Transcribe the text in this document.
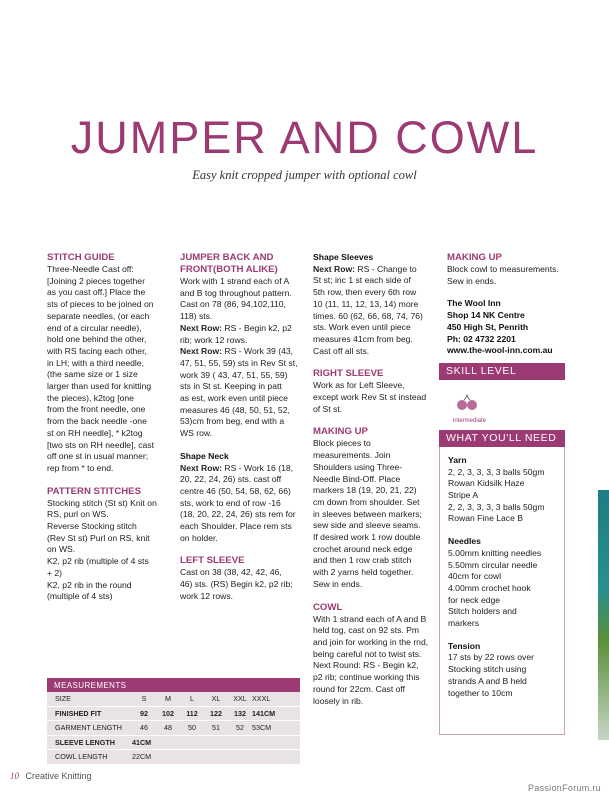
JUMPER AND COWL
Easy knit cropped jumper with optional cowl
STITCH GUIDE
Three-Needle Cast off:
[Joining 2 pieces together
as you cast off.] Place the
sts of pieces to be joined on
separate needles, (or each
end of a circular needle),
hold one behind the other,
with RS facing each other,
in LH; with a third needle,
(the same size or 1 size
larger than used for knitting
the pieces), k2tog [one
from the front needle, one
from the back needle -one
st on RH needle], * k2tog
[two sts on RH needle], cast
off one st in usual manner;
rep from * to end.
PATTERN STITCHES
Stocking stitch (St st) Knit on
RS, purl on WS.
Reverse Stocking stitch
(Rev St st) Purl on RS, knit
on WS.
K2, p2 rib (multiple of 4 sts
+ 2)
K2, p2 rib in the round
(multiple of 4 sts)
JUMPER BACK AND
FRONT(BOTH ALIKE)
Work with 1 strand each of A
and B tog throughout pattern.
Cast on 78 (86, 94,102,110,
118) sts.
Next Row: RS - Begin k2, p2
rib; work 12 rows.
Next Row: RS - Work 39 (43,
47, 51, 55, 59) sts in Rev St st,
work 39 ( 43, 47, 51, 55, 59)
sts in St st. Keeping in patt
as est, work even until piece
measures 46 (48, 50, 51, 52,
53)cm from beg, end with a
WS row.
Shape Neck
Next Row: RS - Work 16 (18,
20, 22, 24, 26) sts. cast off
centre 46 (50, 54, 58, 62, 66)
sts, work to end of row -16
(18, 20, 22, 24, 26) sts rem for
each Shoulder. Place rem sts
on holder.
LEFT SLEEVE
Cast on 38 (38, 42, 42, 46,
46) sts. (RS) Begin k2, p2 rib;
work 12 rows.
Shape Sleeves
Next Row: RS - Change to
St st; inc 1 st each side of
5th row, then every 6th row
10 (11, 11, 12, 13, 14) more
times. 60 (62, 66, 68, 74, 76)
sts. Work even until piece
measures 41cm from beg.
Cast off all sts.
RIGHT SLEEVE
Work as for Left Sleeve,
except work Rev St st instead
of St st.
MAKING UP
Block pieces to
measurements. Join
Shoulders using Three-
Needle Bind-Off. Place
markers 18 (19, 20, 21, 22)
cm down from shoulder. Set
in sleeves between markers;
sew side and sleeve seams.
If desired work 1 row double
crochet around neck edge
and then 1 row crab stitch
with 2 yarns held together.
Sew in ends.
COWL
With 1 strand each of A and B
held tog, cast on 92 sts. Pm
and join for working in the rnd,
being careful not to twist sts.
Next Round: RS - Begin k2,
p2 rib; continue working this
round for 22cm. Cast off
loosely in rib.
MAKING UP
Block cowl to measurements.
Sew in ends.
The Wool Inn
Shop 14 NK Centre
450 High St, Penrith
Ph: 02 4732 2201
www.the-wool-inn.com.au
SKILL LEVEL
intermediate
WHAT YOU'LL NEED
Yarn
2, 2, 3, 3, 3, 3 balls 50gm
Rowan Kidsilk Haze
Stripe A
2, 2, 3, 3, 3, 3 balls 50gm
Rowan Fine Lace B
Needles
5.00mm knitting needles
5.50mm circular needle
40cm for cowl
4.00mm crochet hook
for neck edge
Stitch holders and
markers
Tension
17 sts by 22 rows over
Stocking stitch using
strands A and B held
together to 10cm
MEASUREMENTS
SIZE	S	M	L	XL	XXL XXXL
FINISHED FIT	92	102	112	122	132 141CM
GARMENT LENGTH	46	48	50	51	52	53CM
SLEEVE LENGTH	41CM
COWL LENGTH	22CM
10 Creative Knitting
PassionForum.ru
